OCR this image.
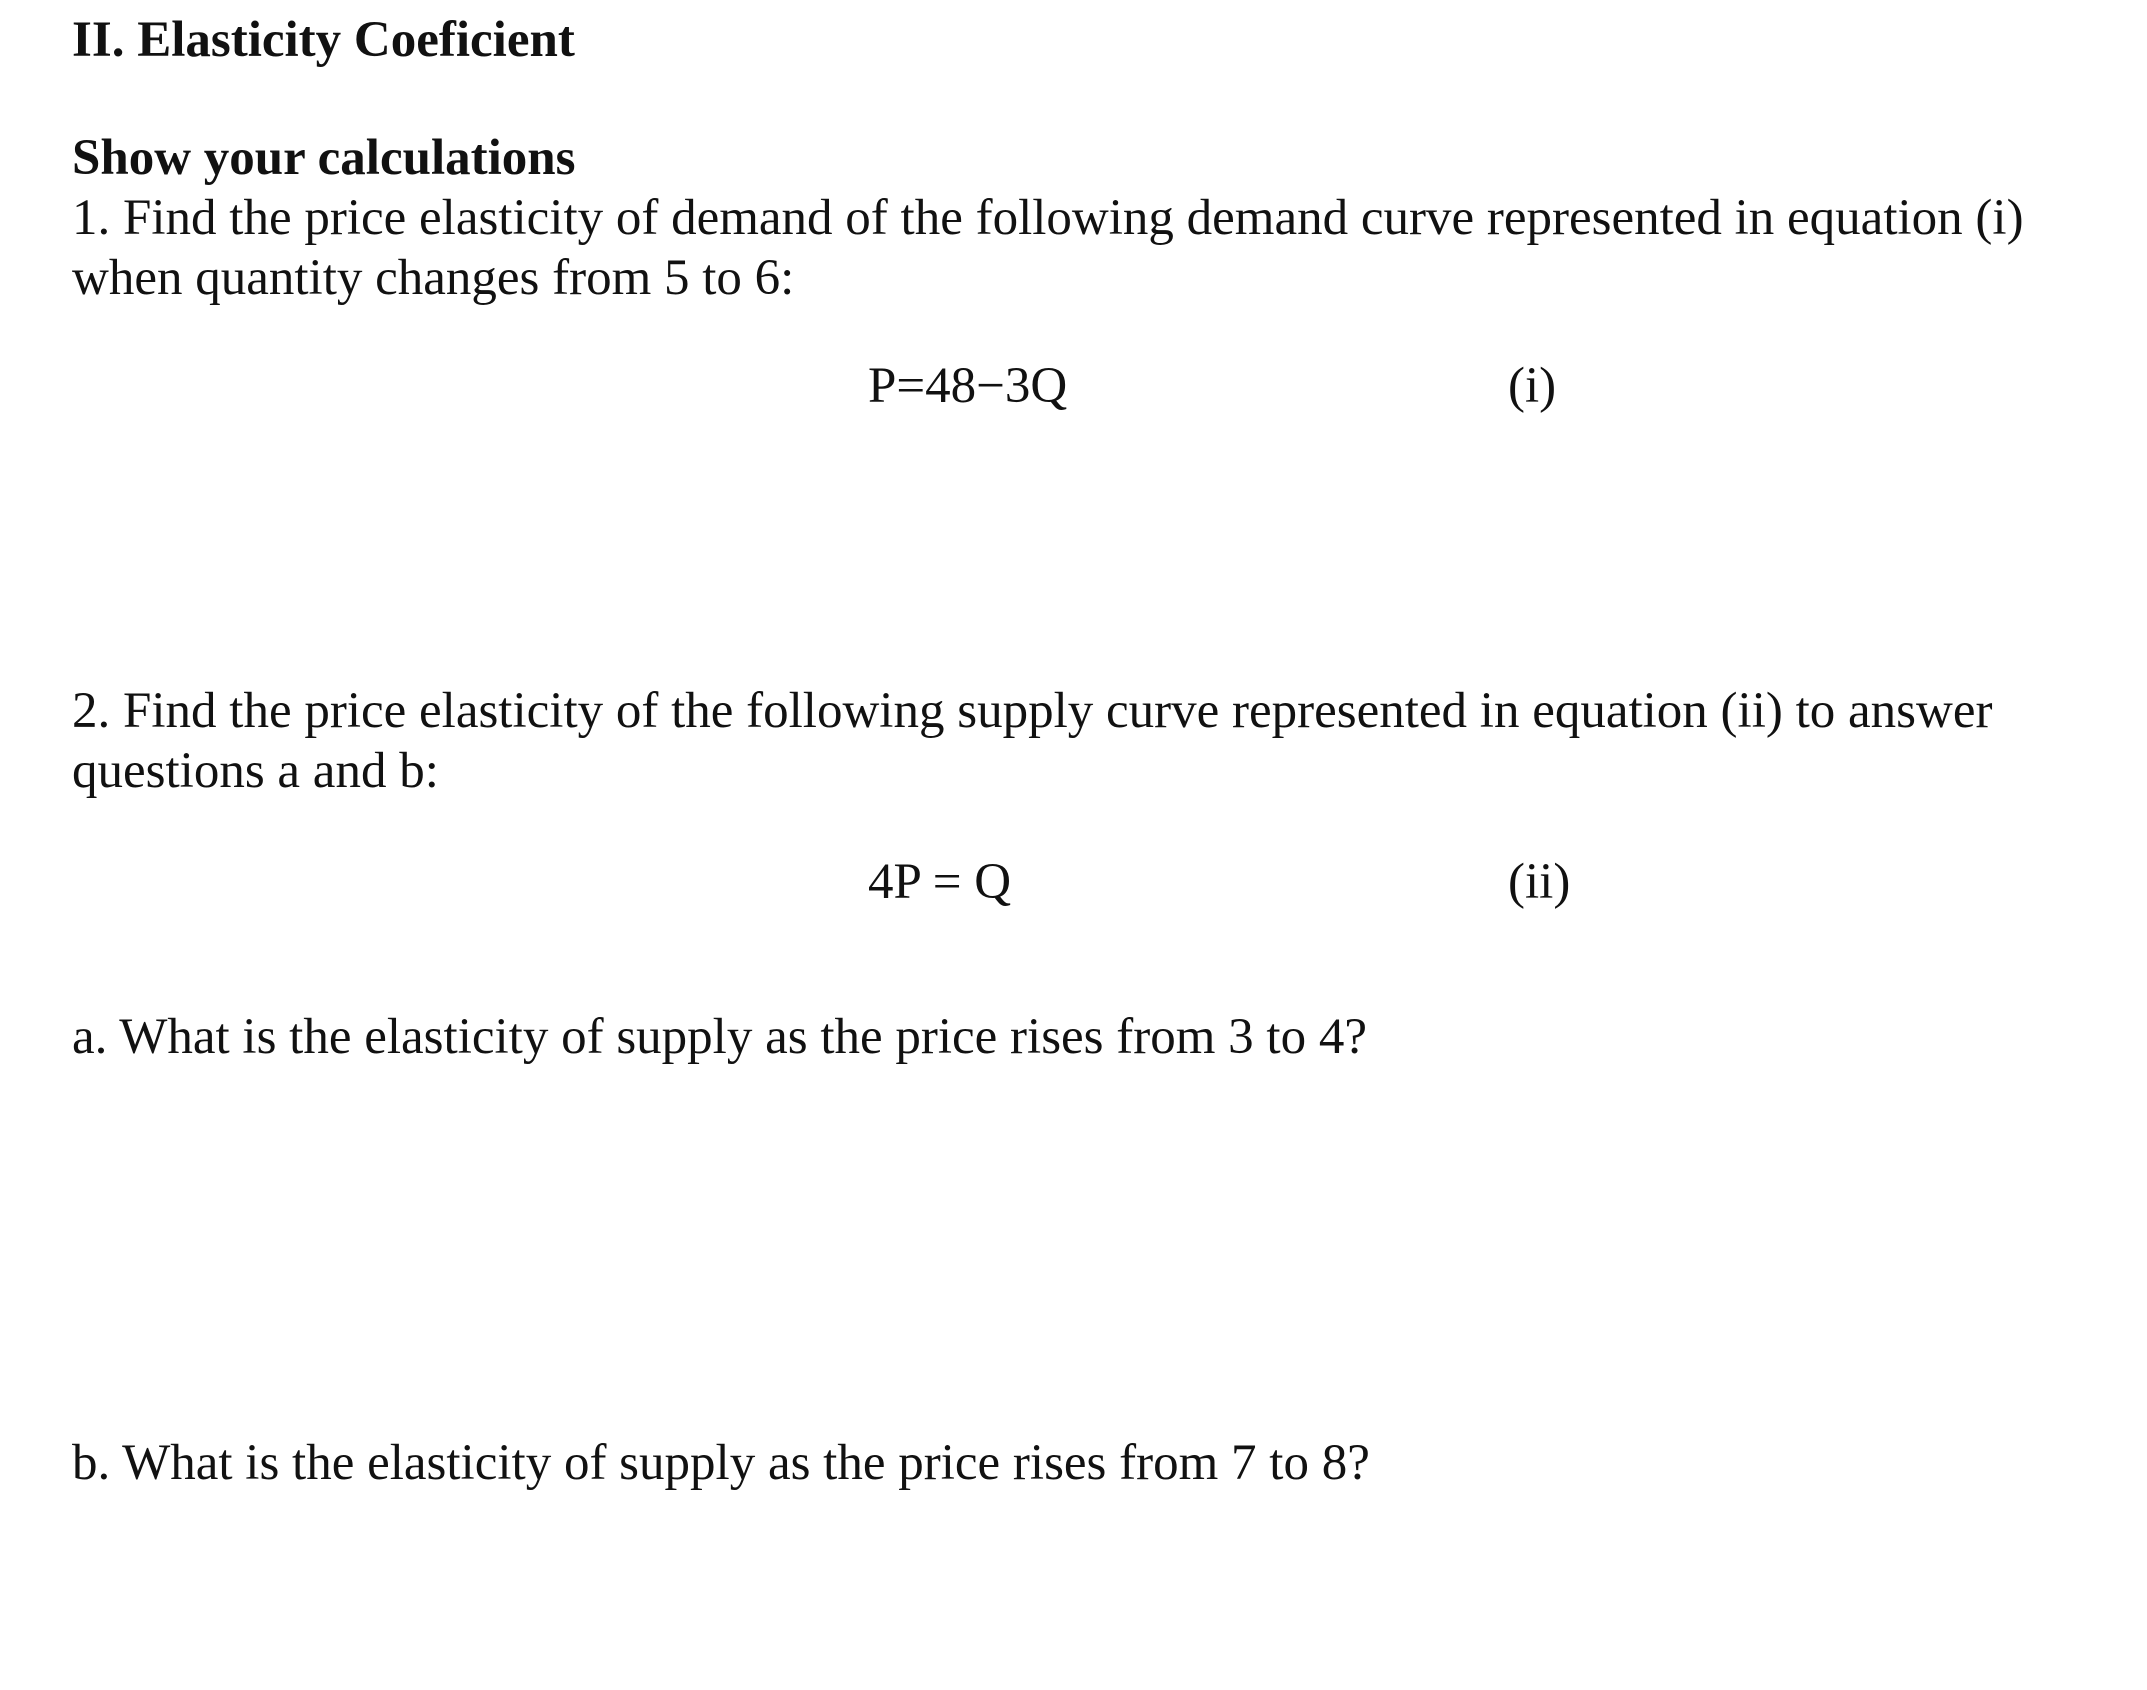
II. Elasticity Coeficient
Show your calculations
1. Find the price elasticity of demand of the following demand curve represented in equation (i)
when quantity changes from 5 to 6:
P=48−3Q	(i)
2. Find the price elasticity of the following supply curve represented in equation (ii) to answer
questions a and b:
4P = Q	(ii)
a. What is the elasticity of supply as the price rises from 3 to 4?
b. What is the elasticity of supply as the price rises from 7 to 8?
